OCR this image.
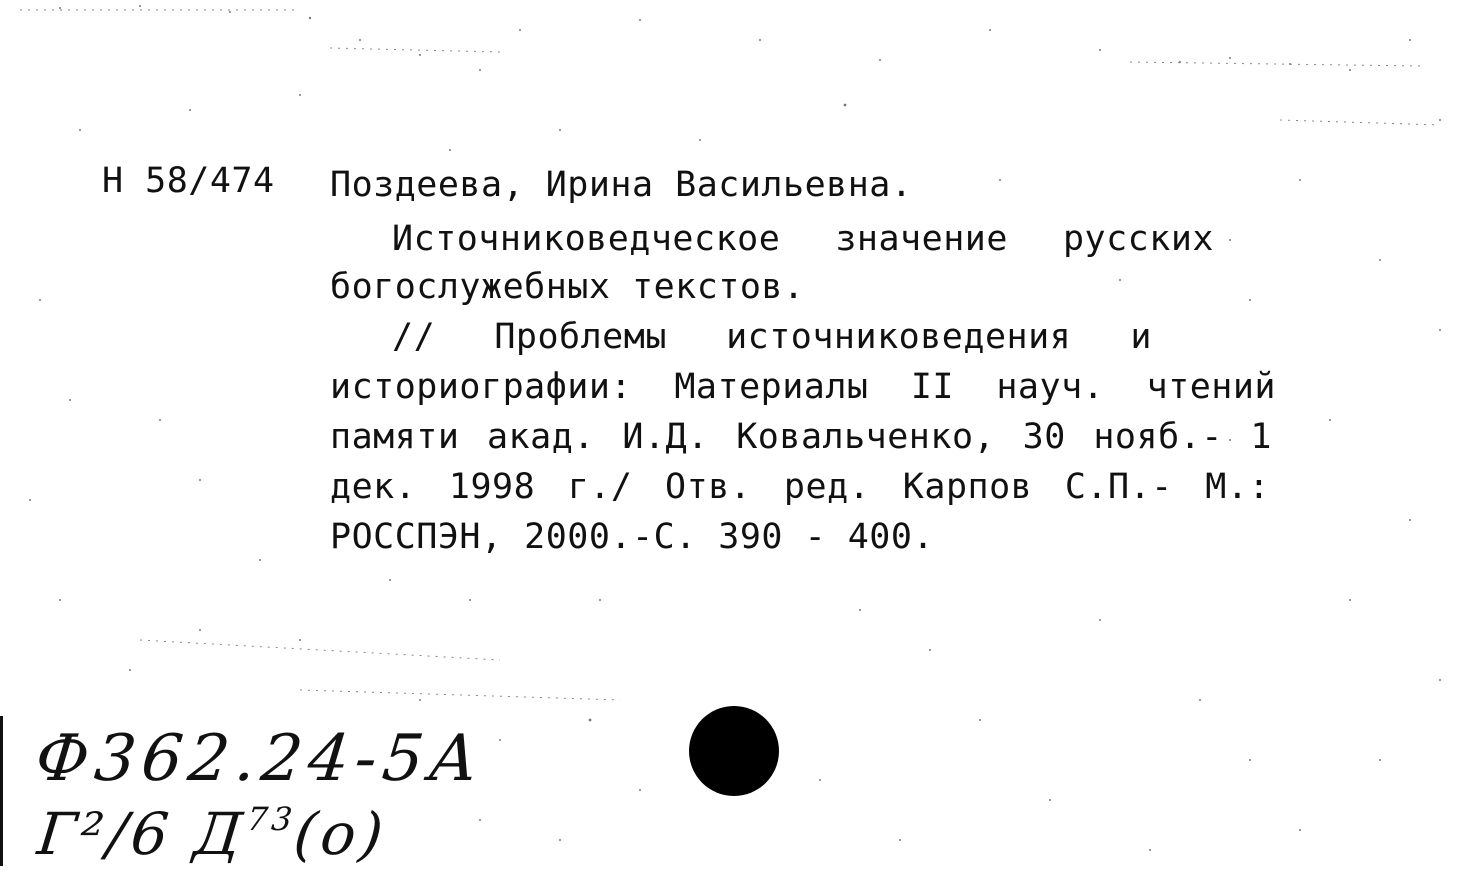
Н 58/474 Поздеева, Ирина Васильевна.
Источниковедческое значение русских
богослужебных текстов.
// Проблемы источниковедения и
историографии: Материалы II науч. чтений
памяти акад. И.Д. Ковальченко, 30 нояб.- 1
дек. 1998 г./ Отв. ред. Карпов С.П.- М.:
РОССПЭН, 2000.-С. 390 - 400.
Ф362.24-5А
Г²/6 $Д^{73}(о)$
